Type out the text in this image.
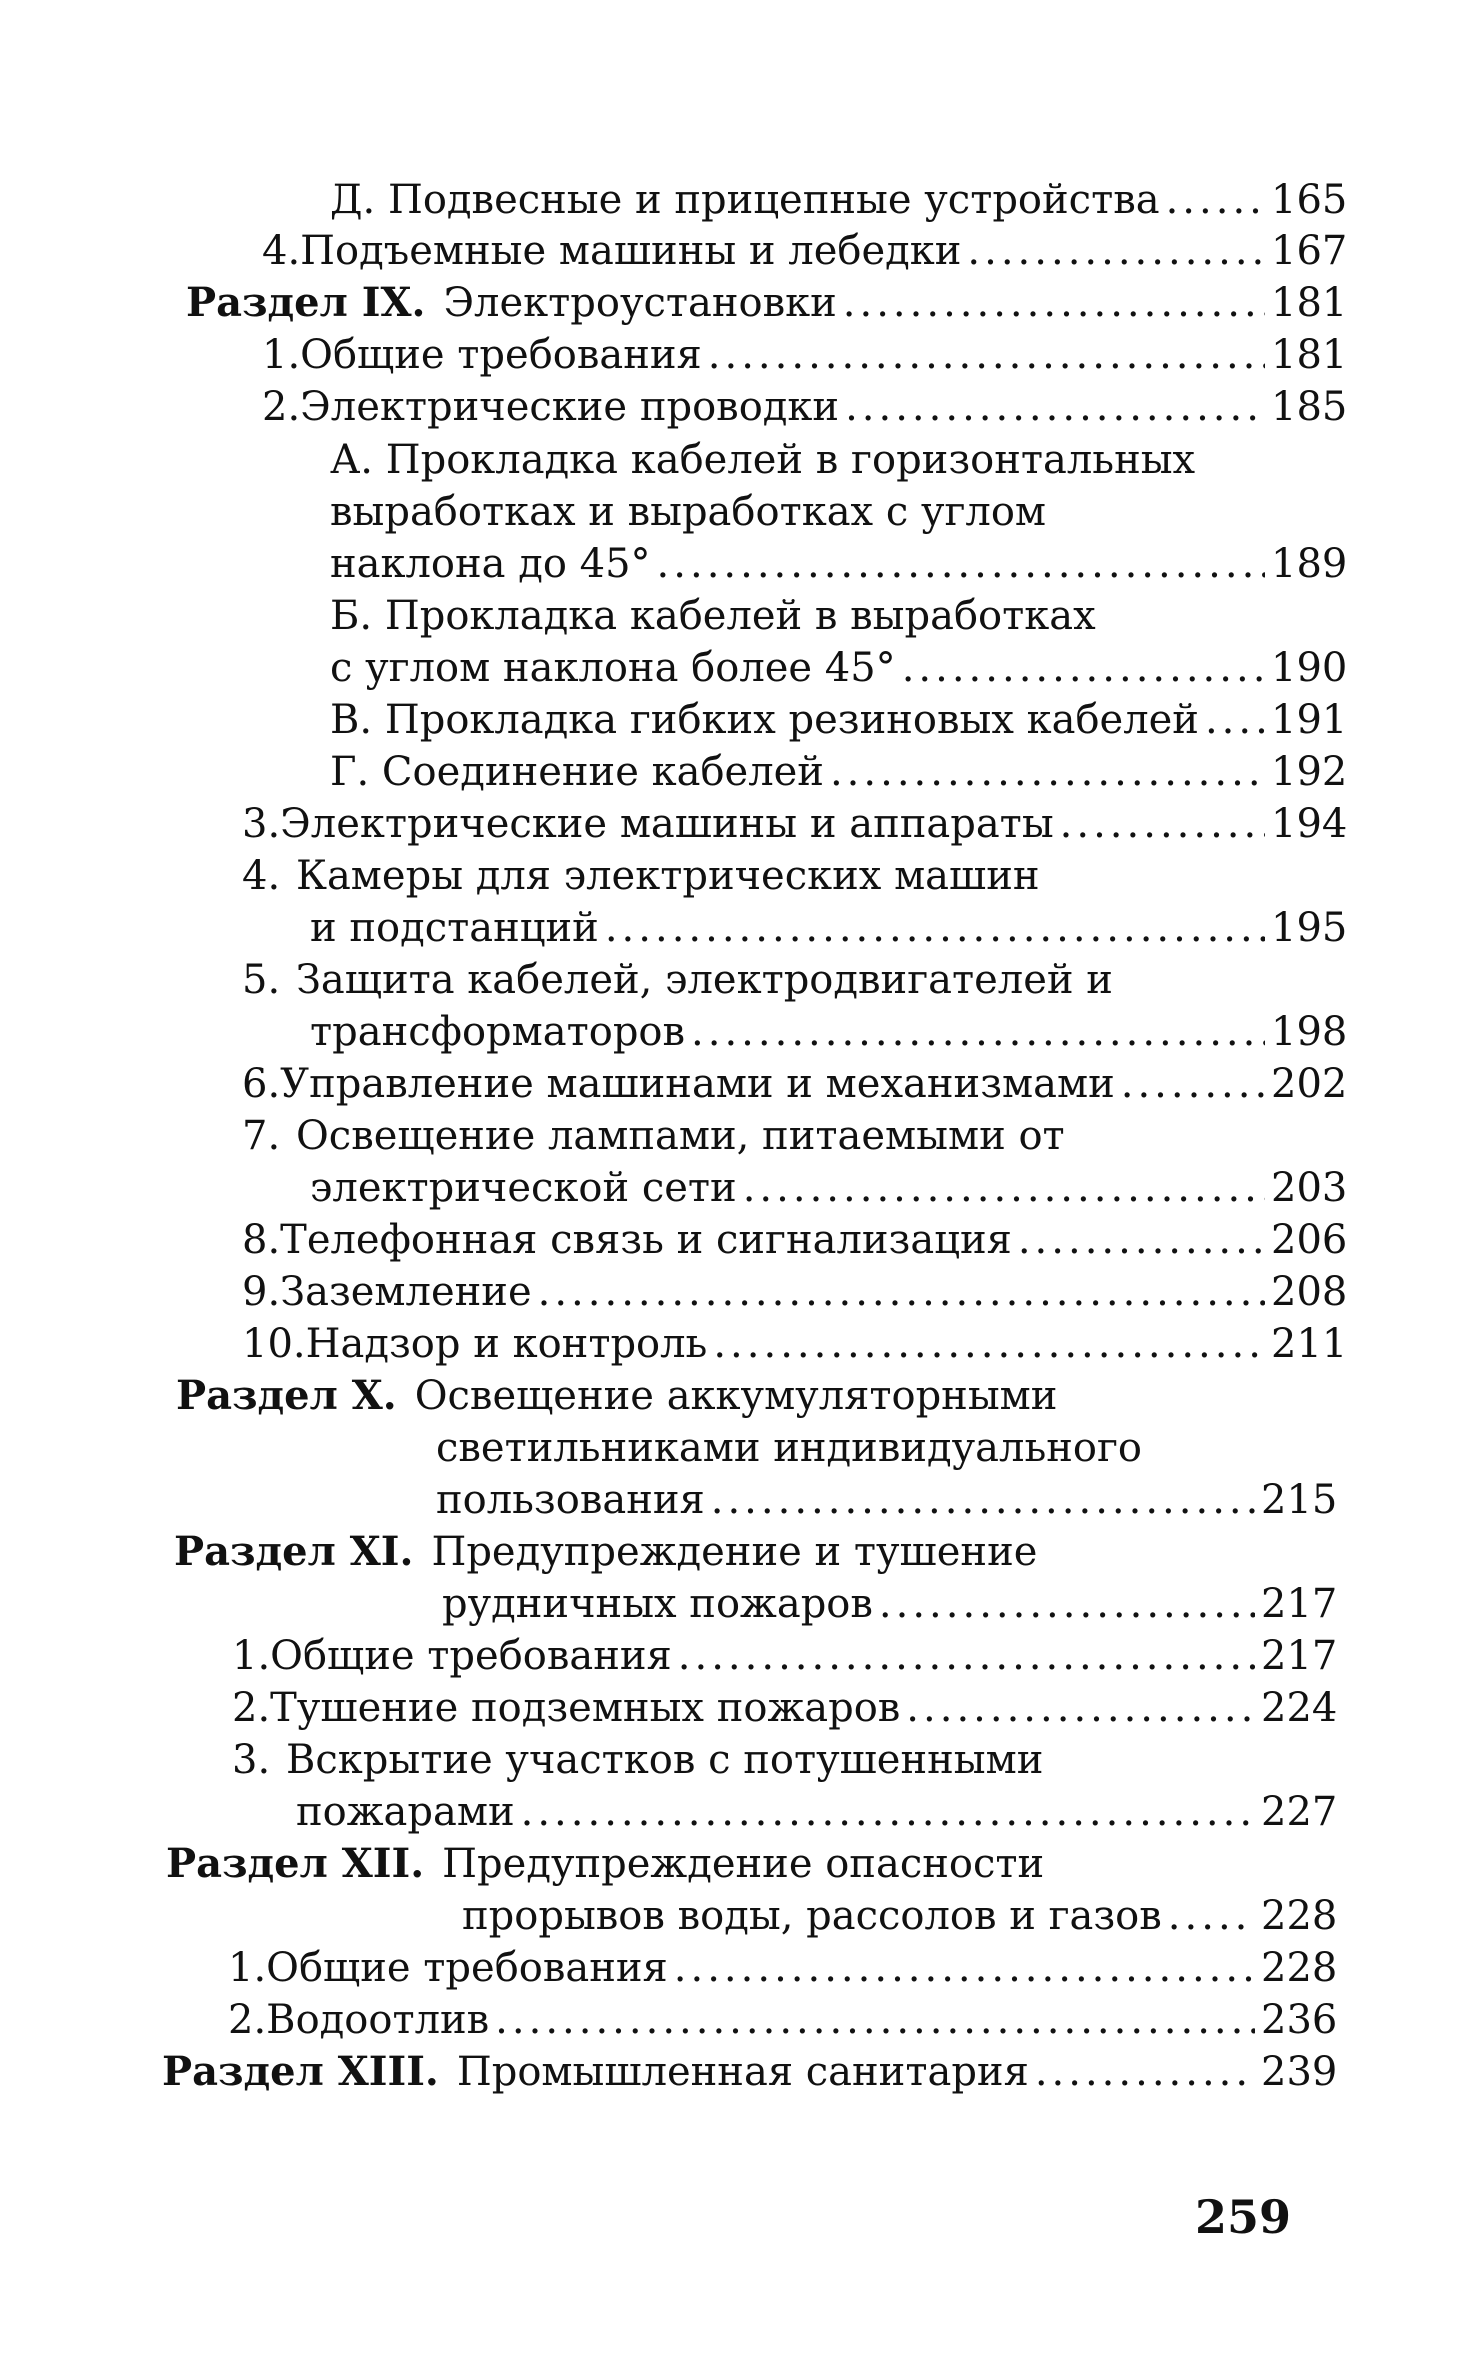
Д. Подвесные и прицепные устройства .....	165
4. Подъемные машины и лебедки .....	167
Раздел IX. Электроустановки .....	181
1. Общие требования .....	181
2. Электрические проводки .....	185
А. Прокладка кабелей в горизонтальных
выработках и выработках с углом
наклона до 45° .....	189
Б. Прокладка кабелей в выработках
с углом наклона более 45° .....	190
В. Прокладка гибких резиновых кабелей ..... 191
Г. Соединение кабелей .....	192
3. Электрические машины и аппараты .....	194
4. Камеры для электрических машин
и подстанций .....	195
5. Защита кабелей, электродвигателей и
трансформаторов .....	198
6. Управление машинами и механизмами .....	202
7. Освещение лампами, питаемыми от
электрической сети .....	203
8. Телефонная связь и сигнализация .....	206
9. Заземление .....	208
10. Надзор и контроль .....	211
Раздел X. Освещение аккумуляторными
светильниками индивидуального
пользования .....	215
Раздел XI. Предупреждение и тушение
рудничных пожаров .....	217
1. Общие требования .....	217
2. Тушение подземных пожаров .....	224
3. Вскрытие участков с потушенными
пожарами .....	227
Раздел XII. Предупреждение опасности
прорывов воды, рассолов и газов ..... 228
1. Общие требования .....	228
2. Водоотлив .....	236
Раздел XIII. Промышленная санитария .....	239
259
